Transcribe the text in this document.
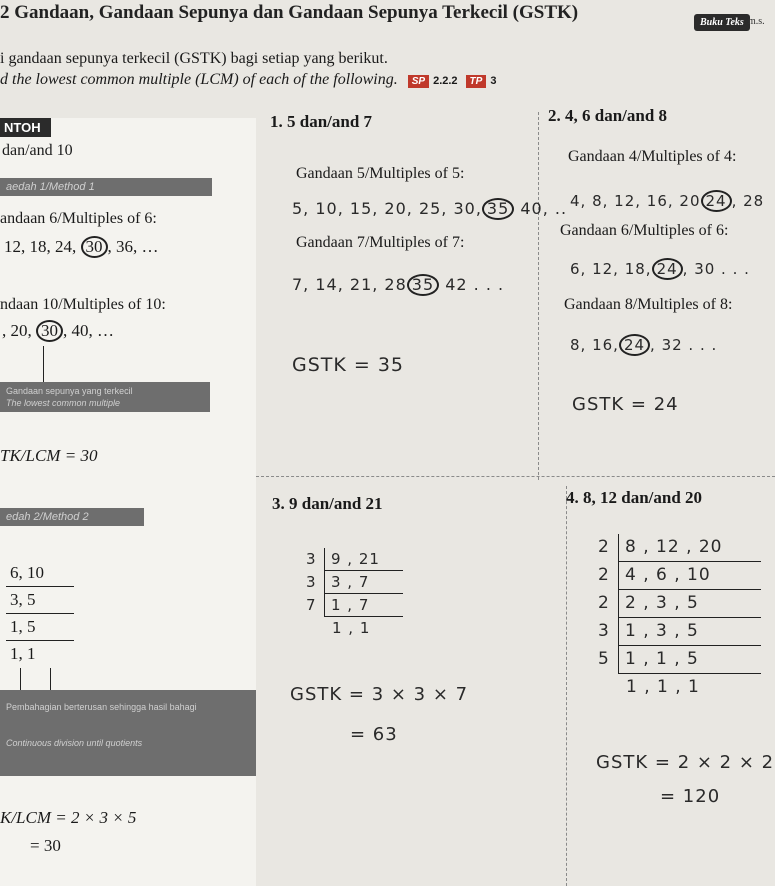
2 Gandaan, Gandaan Sepunya dan Gandaan Sepunya Terkecil (GSTK)	Buku Teks m.s.
i gandaan sepunya terkecil (GSTK) bagi setiap yang berikut.
d the lowest common multiple (LCM) of each of the following. SP 2.2.2 TP 3
NTOH
dan/and 10
aedah 1/Method 1
andaan 6/Multiples of 6:
12, 18, 24, 30 , 36, …
ndaan 10/Multiples of 10:
, 20, 30 , 40, …
Gandaan sepunya yang terkecil
The lowest common multiple
TK/LCM = 30
edah 2/Method 2
6, 10
3, 5
1, 5
1, 1
Pembahagian berterusan sehingga hasil bahagi
Continuous division until quotients
K/LCM = 2 × 3 × 5
= 30
1. 5 dan/and 7
Gandaan 5/Multiples of 5:
5, 10, 15, 20, 25, 30, 35 40, ..
Gandaan 7/Multiples of 7:
7, 14, 21, 28 35 42 . . .
GSTK = 35
2. 4, 6 dan/and 8
Gandaan 4/Multiples of 4:
4, 8, 12, 16, 20 24 , 28
Gandaan 6/Multiples of 6:
6, 12, 18, 24 , 30 . . .
Gandaan 8/Multiples of 8:
8, 16, 24 , 32 . . .
GSTK = 24
3. 9 dan/and 21
3 9 , 21
3 3 , 7
7 1 , 7
1 , 1
GSTK = 3 × 3 × 7
= 63
4. 8, 12 dan/and 20
2 8 , 12 , 20
2 4 , 6 , 10
2 2 , 3 , 5
3 1 , 3 , 5
5 1 , 1 , 5
1 , 1 , 1
GSTK = 2 × 2 × 2
= 120
